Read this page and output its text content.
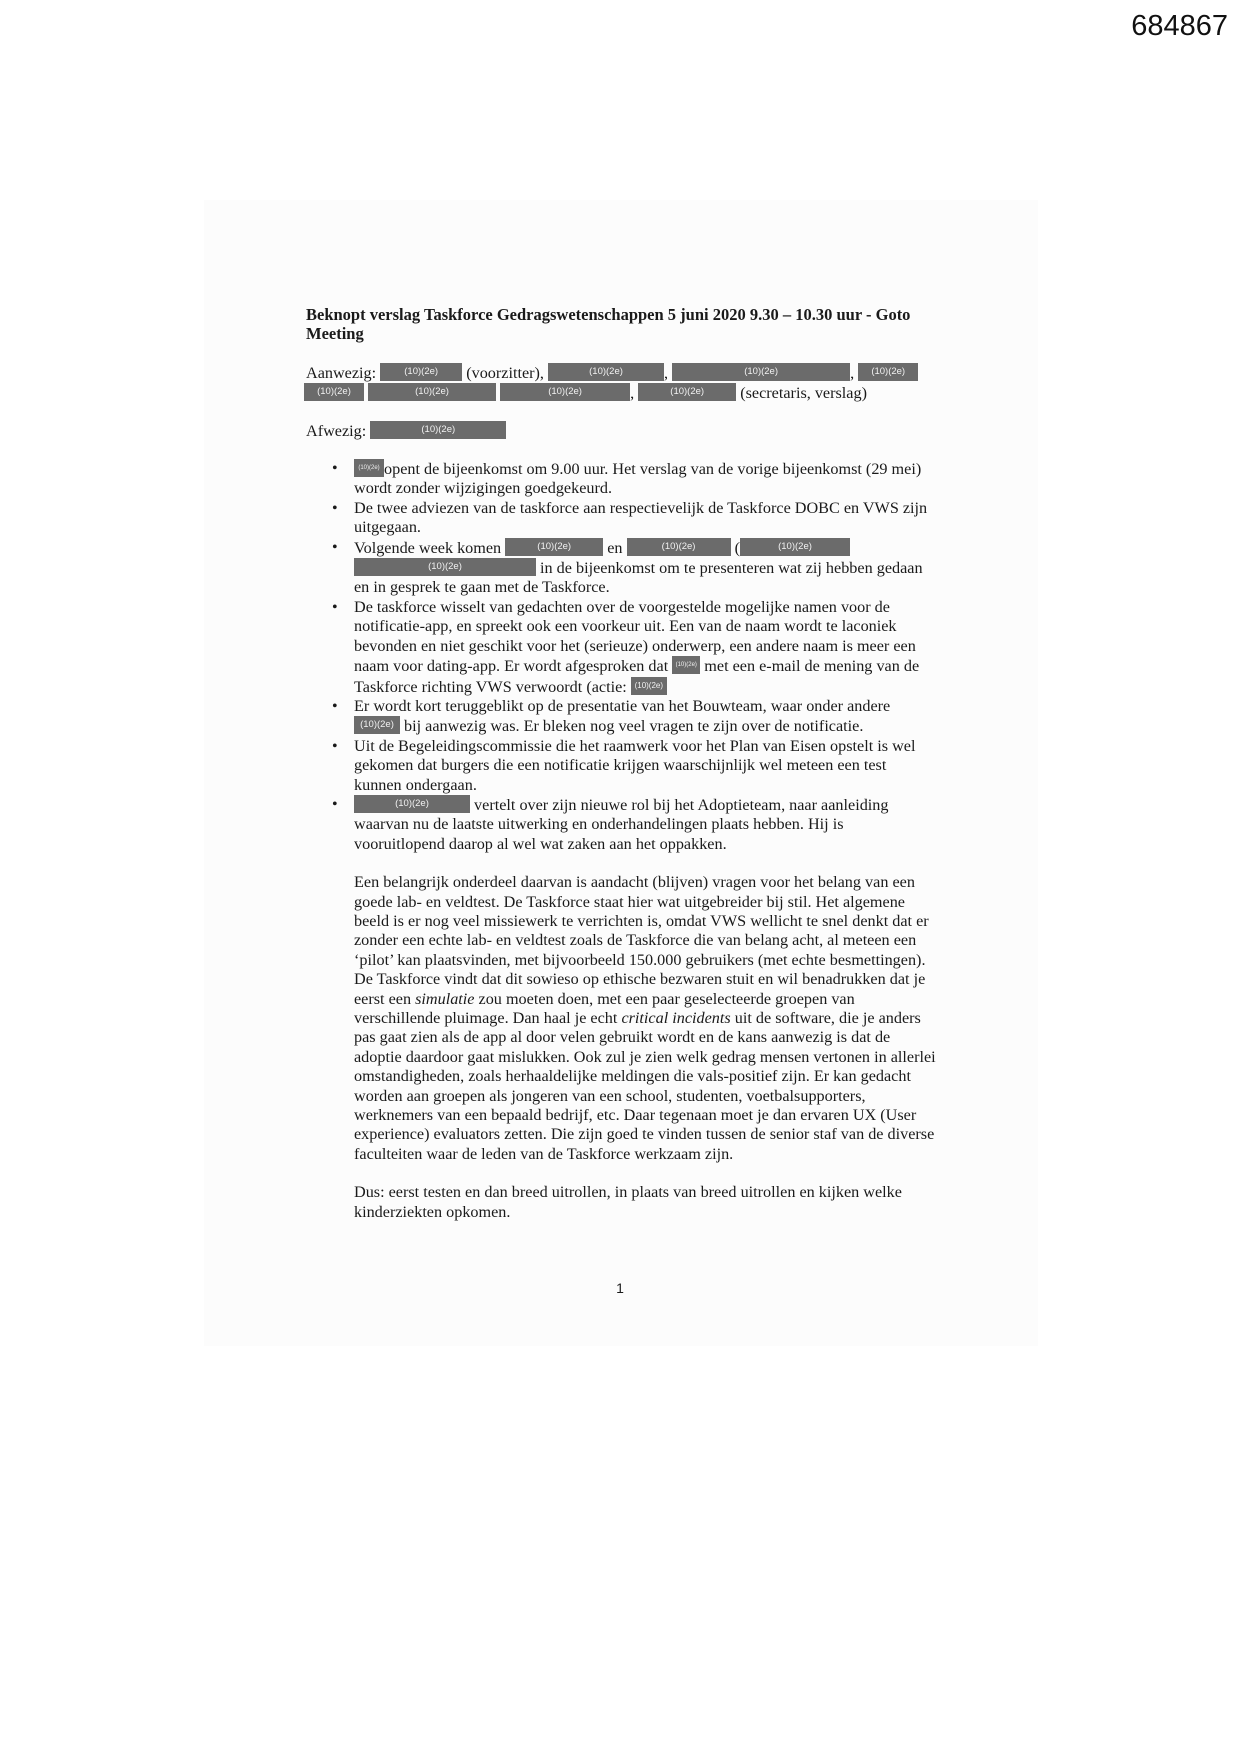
684867

Beknopt verslag Taskforce Gedragswetenschappen 5 juni 2020 9.30 – 10.30 uur - Goto Meeting

Aanwezig:	(10)(2e) (voorzitter),	(10)(2e)	,	(10)(2e)	, (10)(2e)
(10)(2e)	(10)(2e)	(10)(2e)	,	(10)(2e) (secretaris, verslag)

Afwezig:	(10)(2e)

• (10)(2e) opent de bijeenkomst om 9.00 uur. Het verslag van de vorige bijeenkomst (29 mei) wordt zonder wijzigingen goedgekeurd.
• De twee adviezen van de taskforce aan respectievelijk de Taskforce DOBC en VWS zijn uitgegaan.
• Volgende week komen	(10)(2e) en	(10)(2e) (	(10)(2e)
(10)(2e)	in de bijeenkomst om te presenteren wat zij hebben gedaan en in gesprek te gaan met de Taskforce.
• De taskforce wisselt van gedachten over de voorgestelde mogelijke namen voor de notificatie-app, en spreekt ook een voorkeur uit. Een van de naam wordt te laconiek bevonden en niet geschikt voor het (serieuze) onderwerp, een andere naam is meer een naam voor dating-app. Er wordt afgesproken dat (10)(2e) met een e-mail de mening van de Taskforce richting VWS verwoordt (actie: (10)(2e)
• Er wordt kort teruggeblikt op de presentatie van het Bouwteam, waar onder andere (10)(2e) bij aanwezig was. Er bleken nog veel vragen te zijn over de notificatie.
• Uit de Begeleidingscommissie die het raamwerk voor het Plan van Eisen opstelt is wel gekomen dat burgers die een notificatie krijgen waarschijnlijk wel meteen een test kunnen ondergaan.
• (10)(2e)	vertelt over zijn nieuwe rol bij het Adoptieteam, naar aanleiding waarvan nu de laatste uitwerking en onderhandelingen plaats hebben. Hij is vooruitlopend daarop al wel wat zaken aan het oppakken.

Een belangrijk onderdeel daarvan is aandacht (blijven) vragen voor het belang van een goede lab- en veldtest. De Taskforce staat hier wat uitgebreider bij stil. Het algemene beeld is er nog veel missiewerk te verrichten is, omdat VWS wellicht te snel denkt dat er zonder een echte lab- en veldtest zoals de Taskforce die van belang acht, al meteen een ‘pilot’ kan plaatsvinden, met bijvoorbeeld 150.000 gebruikers (met echte besmettingen). De Taskforce vindt dat dit sowieso op ethische bezwaren stuit en wil benadrukken dat je eerst een simulatie zou moeten doen, met een paar geselecteerde groepen van verschillende pluimage. Dan haal je echt critical incidents uit de software, die je anders pas gaat zien als de app al door velen gebruikt wordt en de kans aanwezig is dat de adoptie daardoor gaat mislukken. Ook zul je zien welk gedrag mensen vertonen in allerlei omstandigheden, zoals herhaaldelijke meldingen die vals-positief zijn. Er kan gedacht worden aan groepen als jongeren van een school, studenten, voetbalsupporters, werknemers van een bepaald bedrijf, etc. Daar tegenaan moet je dan ervaren UX (User experience) evaluators zetten. Die zijn goed te vinden tussen de senior staf van de diverse faculteiten waar de leden van de Taskforce werkzaam zijn.

Dus: eerst testen en dan breed uitrollen, in plaats van breed uitrollen en kijken welke kinderziekten opkomen.

1
